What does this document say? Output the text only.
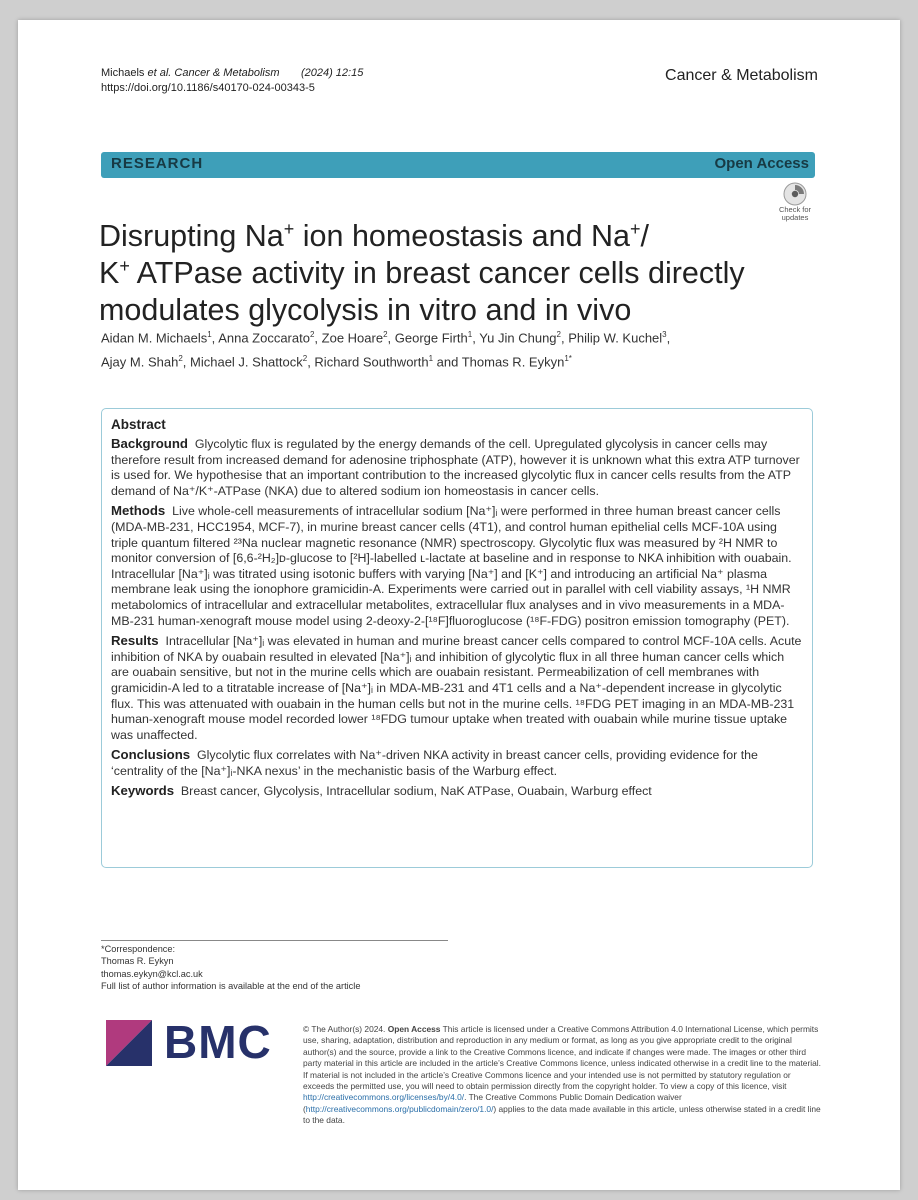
Michaels et al. Cancer & Metabolism (2024) 12:15
https://doi.org/10.1186/s40170-024-00343-5
Cancer & Metabolism
RESEARCH	Open Access
Check for
updates
Disrupting Na+ ion homeostasis and Na+/
K+ ATPase activity in breast cancer cells directly modulates glycolysis in vitro and in vivo
Aidan M. Michaels$^1$, Anna Zoccarato$^2$, Zoe Hoare$^2$, George Firth$^1$, Yu Jin Chung$^2$, Philip W. Kuchel$^3$,
Ajay M. Shah$^2$, Michael J. Shattock$^2$, Richard Southworth$^1$ and Thomas R. Eykyn$^{1*}$
Abstract

Background Glycolytic flux is regulated by the energy demands of the cell. Upregulated glycolysis in cancer cells may therefore result from increased demand for adenosine triphosphate (ATP), however it is unknown what this extra ATP turnover is used for. We hypothesise that an important contribution to the increased glycolytic flux in cancer cells results from the ATP demand of Na⁺/K⁺-ATPase (NKA) due to altered sodium ion homeostasis in cancer cells.

Methods Live whole-cell measurements of intracellular sodium [Na⁺]ᵢ were performed in three human breast cancer cells (MDA-MB-231, HCC1954, MCF-7), in murine breast cancer cells (4T1), and control human epithelial cells MCF-10A using triple quantum filtered ²³Na nuclear magnetic resonance (NMR) spectroscopy. Glycolytic flux was measured by ²H NMR to monitor conversion of [6,6-²H₂]ᴅ-glucose to [²H]-labelled ʟ-lactate at baseline and in response to NKA inhibition with ouabain. Intracellular [Na⁺]ᵢ was titrated using isotonic buffers with varying [Na⁺] and [K⁺] and introducing an artificial Na⁺ plasma membrane leak using the ionophore gramicidin-A. Experiments were carried out in parallel with cell viability assays, ¹H NMR metabolomics of intracellular and extracellular metabolites, extracellular flux analyses and in vivo measurements in a MDA-MB-231 human-xenograft mouse model using 2-deoxy-2-[¹⁸F]fluoroglucose (¹⁸F-FDG) positron emission tomography (PET).

Results Intracellular [Na⁺]ᵢ was elevated in human and murine breast cancer cells compared to control MCF-10A cells. Acute inhibition of NKA by ouabain resulted in elevated [Na⁺]ᵢ and inhibition of glycolytic flux in all three human cancer cells which are ouabain sensitive, but not in the murine cells which are ouabain resistant. Permeabilization of cell membranes with gramicidin-A led to a titratable increase of [Na⁺]ᵢ in MDA-MB-231 and 4T1 cells and a Na⁺-dependent increase in glycolytic flux. This was attenuated with ouabain in the human cells but not in the murine cells. ¹⁸FDG PET imaging in an MDA-MB-231 human-xenograft mouse model recorded lower ¹⁸FDG tumour uptake when treated with ouabain while murine tissue uptake was unaffected.

Conclusions Glycolytic flux correlates with Na⁺-driven NKA activity in breast cancer cells, providing evidence for the ‘centrality of the [Na⁺]ᵢ-NKA nexus’ in the mechanistic basis of the Warburg effect.

Keywords Breast cancer, Glycolysis, Intracellular sodium, NaK ATPase, Ouabain, Warburg effect

*Correspondence:
Thomas R. Eykyn
thomas.eykyn@kcl.ac.uk
Full list of author information is available at the end of the article
BMC	© The Author(s) 2024. Open Access This article is licensed under a Creative Commons Attribution 4.0 International License, which permits use, sharing, adaptation, distribution and reproduction in any medium or format, as long as you give appropriate credit to the original author(s) and the source, provide a link to the Creative Commons licence, and indicate if changes were made. The images or other third party material in this article are included in the article’s Creative Commons licence, unless indicated otherwise in a credit line to the material. If material is not included in the article’s Creative Commons licence and your intended use is not permitted by statutory regulation or exceeds the permitted use, you will need to obtain permission directly from the copyright holder. To view a copy of this licence, visit http://creativecommons.org/licenses/by/4.0/. The Creative Commons Public Domain Dedication waiver (http://creativecommons.org/publicdomain/zero/1.0/) applies to the data made available in this article, unless otherwise stated in a credit line to the data.
